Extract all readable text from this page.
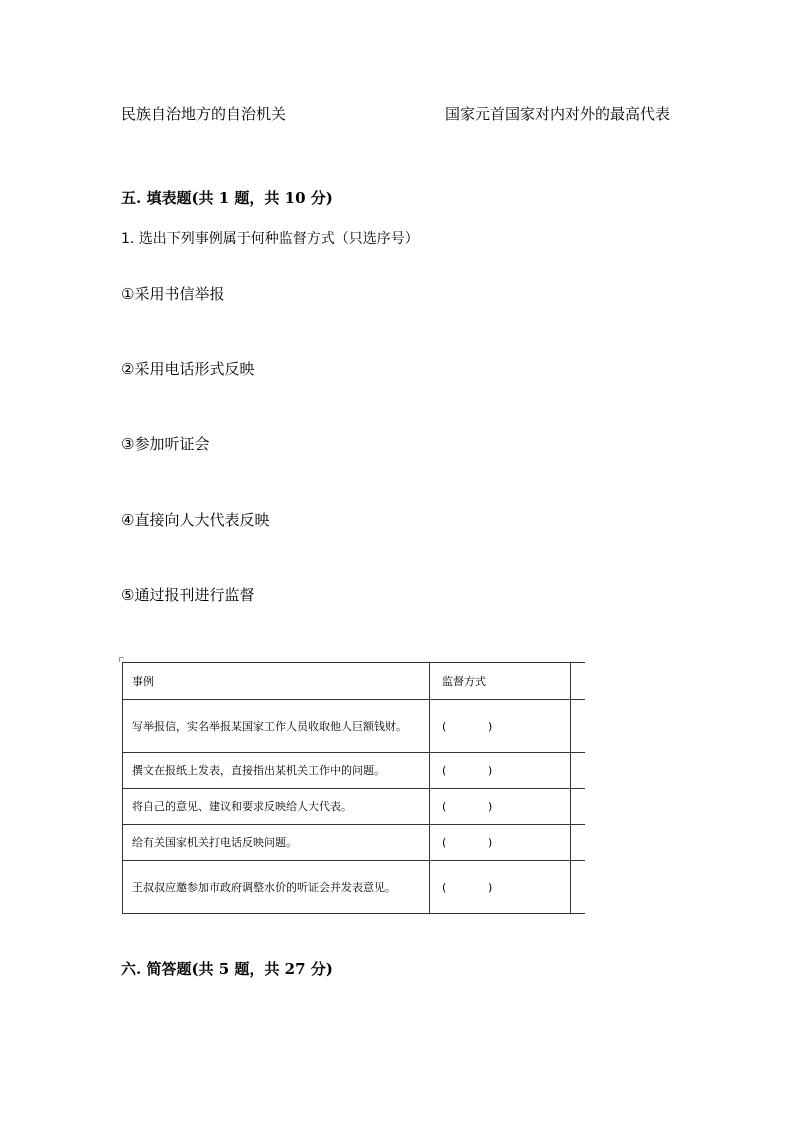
民族自治地方的自治机关	国家元首国家对内对外的最高代表
五. 填表题(共 1 题，共 10 分)
1. 选出下列事例属于何种监督方式（只选序号）
①采用书信举报
②采用电话形式反映
③参加听证会
④直接向人大代表反映
⑤通过报刊进行监督
事例	监督方式	
写举报信，实名举报某国家工作人员收取他人巨额钱财。	( )	
撰文在报纸上发表，直接指出某机关工作中的问题。	( )	
将自己的意见、建议和要求反映给人大代表。	( )	
给有关国家机关打电话反映问题。	( )	
王叔叔应邀参加市政府调整水价的听证会并发表意见。	( )	
六. 简答题(共 5 题，共 27 分)
